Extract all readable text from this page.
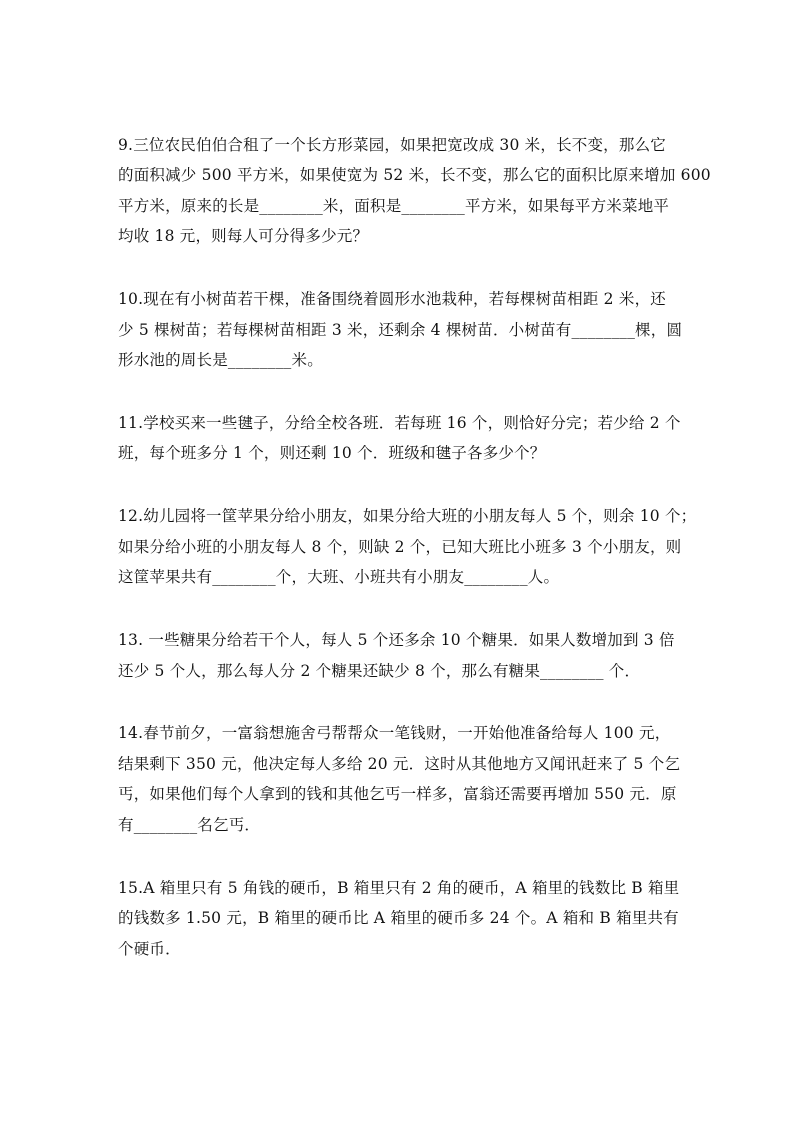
9.三位农民伯伯合租了一个长方形菜园，如果把宽改成 30 米，长不变，那么它
的面积减少 500 平方米，如果使宽为 52 米，长不变，那么它的面积比原来增加 600
平方米，原来的长是________米，面积是________平方米，如果每平方米菜地平
均收 18 元，则每人可分得多少元？
10.现在有小树苗若干棵，准备围绕着圆形水池栽种，若每棵树苗相距 2 米，还
少 5 棵树苗；若每棵树苗相距 3 米，还剩余 4 棵树苗．小树苗有________棵，圆
形水池的周长是________米。
11.学校买来一些毽子，分给全校各班．若每班 16 个，则恰好分完；若少给 2 个
班，每个班多分 1 个，则还剩 10 个．班级和毽子各多少个？
12.幼儿园将一筐苹果分给小朋友，如果分给大班的小朋友每人 5 个，则余 10 个；
如果分给小班的小朋友每人 8 个，则缺 2 个，已知大班比小班多 3 个小朋友，则
这筐苹果共有________个，大班、小班共有小朋友________人。
13. 一些糖果分给若干个人，每人 5 个还多余 10 个糖果．如果人数增加到 3 倍
还少 5 个人，那么每人分 2 个糖果还缺少 8 个，那么有糖果________ 个．
14.春节前夕，一富翁想施舍弓帮帮众一笔钱财，一开始他准备给每人 100 元，
结果剩下 350 元，他决定每人多给 20 元．这时从其他地方又闻讯赶来了 5 个乞
丐，如果他们每个人拿到的钱和其他乞丐一样多，富翁还需要再增加 550 元．原
有________名乞丐．
15.A 箱里只有 5 角钱的硬币，B 箱里只有 2 角的硬币，A 箱里的钱数比 B 箱里
的钱数多 1.50 元，B 箱里的硬币比 A 箱里的硬币多 24 个。A 箱和 B 箱里共有
个硬币．
